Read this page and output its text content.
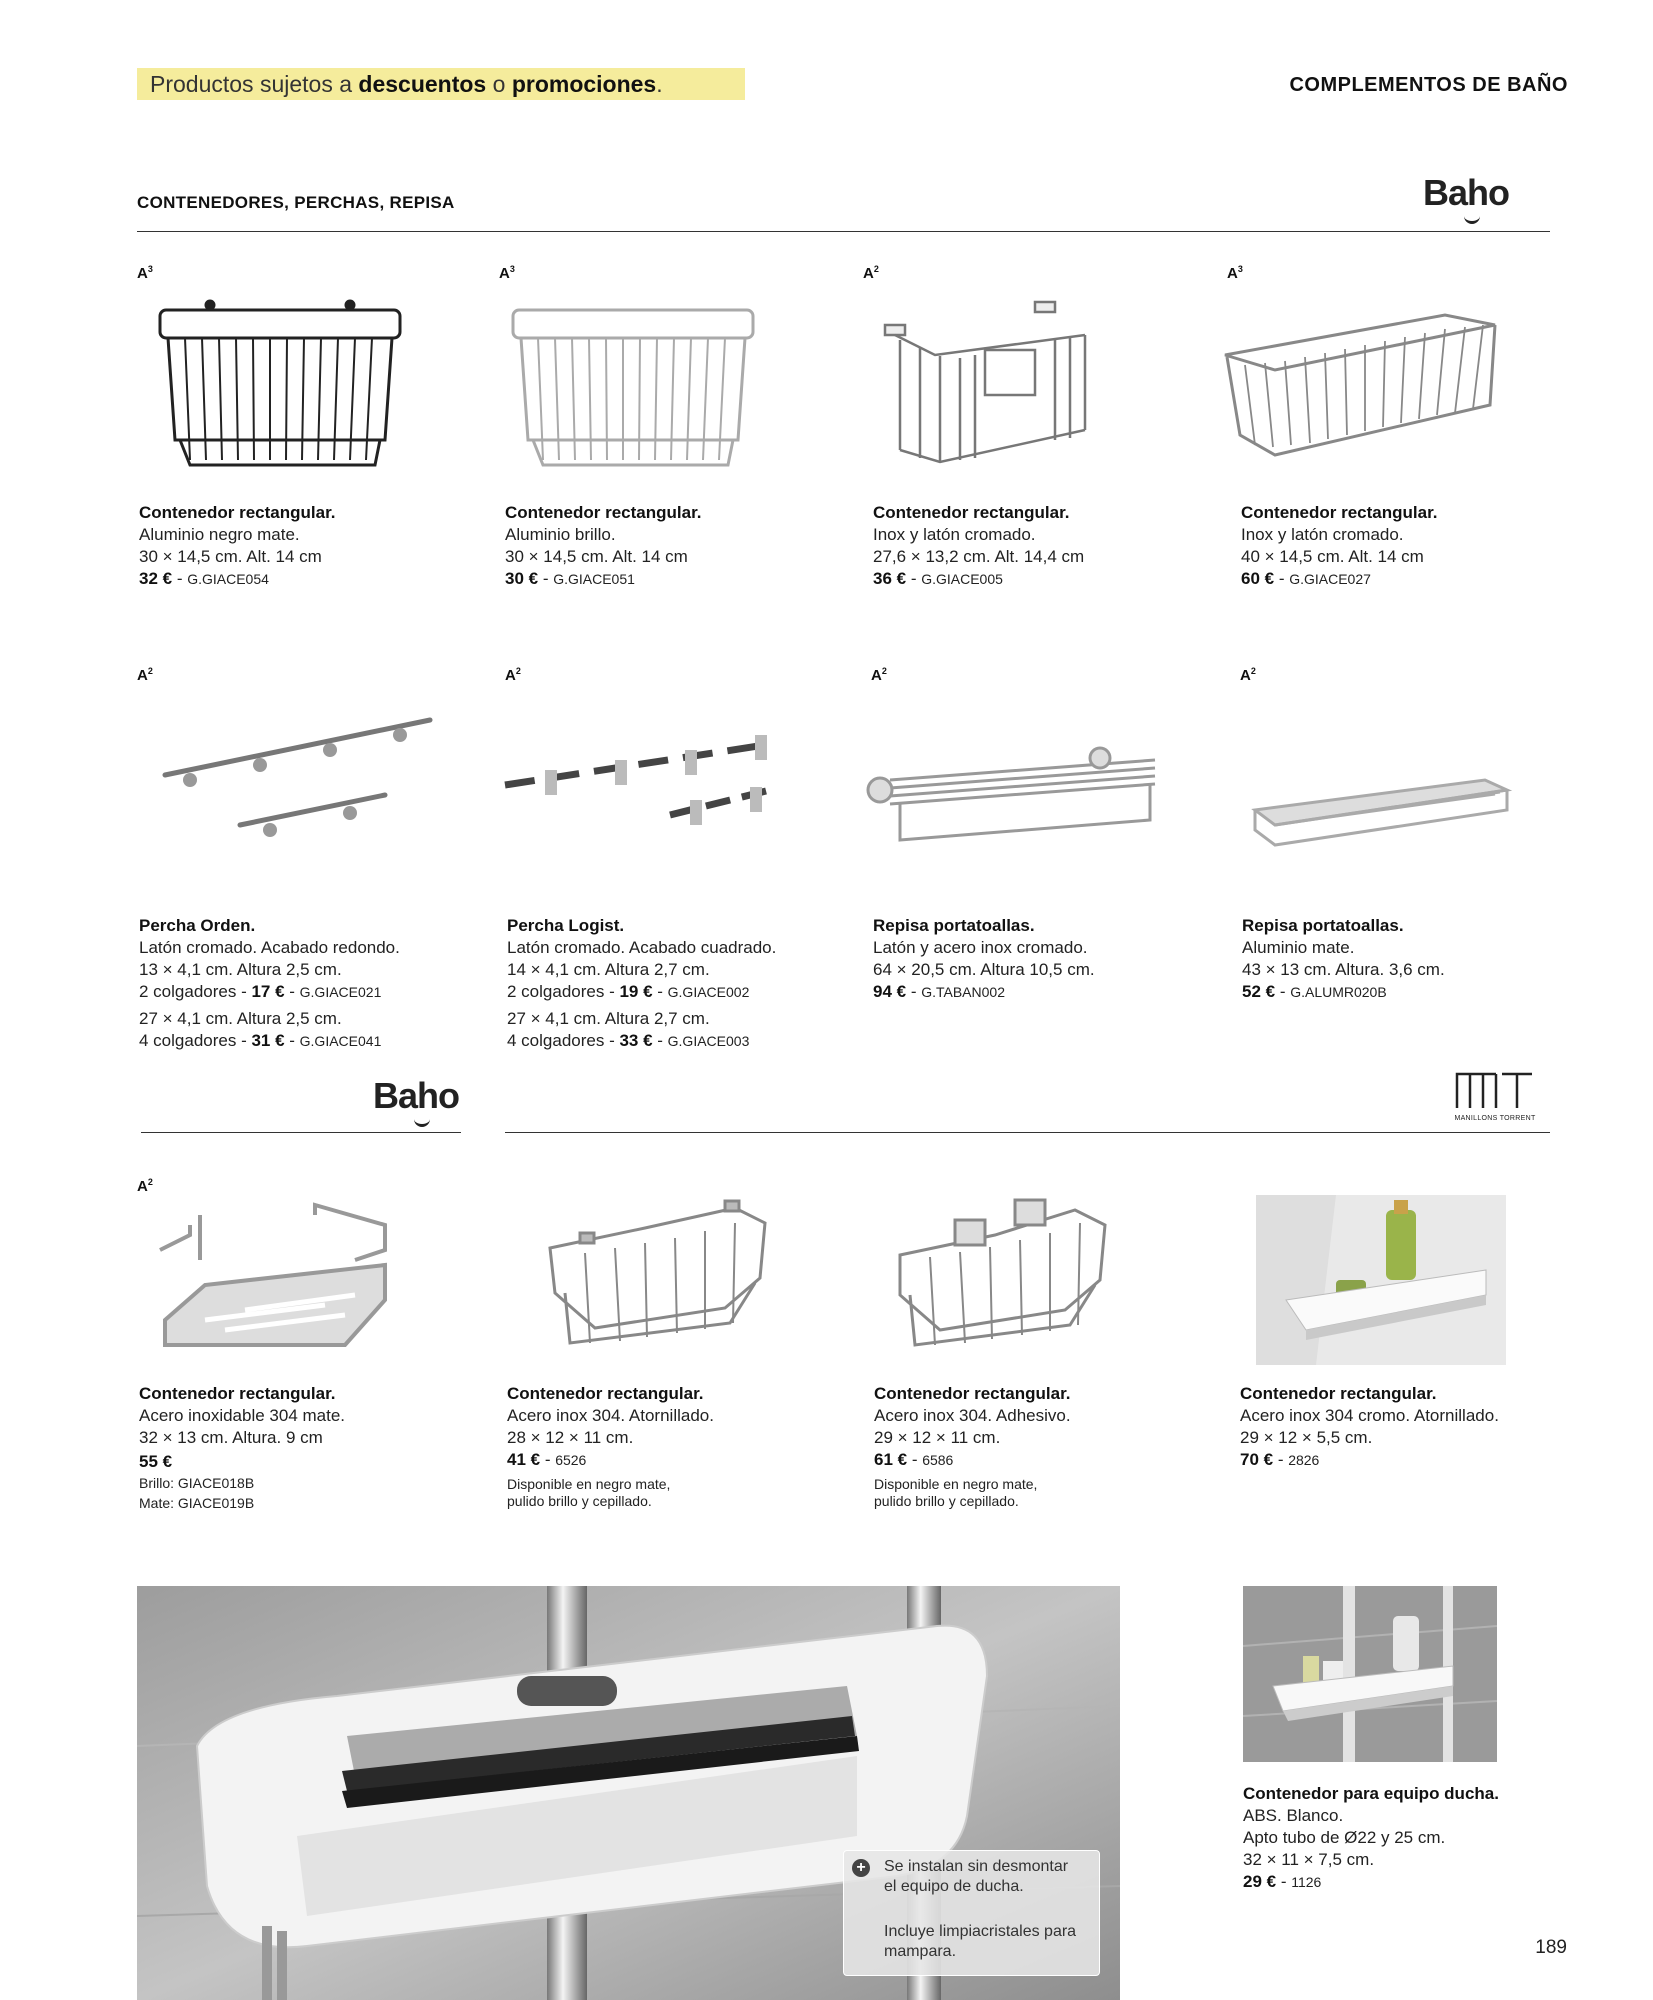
Productos sujetos a descuentos o promociones.	COMPLEMENTOS DE BAÑO
CONTENEDORES, PERCHAS, REPISA	Baho
$A^3$	$A^3$	$A^2$	$A^3$
Contenedor rectangular.
Aluminio negro mate.
30 × 14,5 cm. Alt. 14 cm
32 € - G.GIACE054
Contenedor rectangular.
Aluminio brillo.
30 × 14,5 cm. Alt. 14 cm
30 € - G.GIACE051
Contenedor rectangular.
Inox y latón cromado.
27,6 × 13,2 cm. Alt. 14,4 cm
36 € - G.GIACE005
Contenedor rectangular.
Inox y latón cromado.
40 × 14,5 cm. Alt. 14 cm
60 € - G.GIACE027
$A^2$	$A^2$	$A^2$	$A^2$
Percha Orden.
Latón cromado. Acabado redondo.
13 × 4,1 cm. Altura 2,5 cm.
2 colgadores - 17 € - G.GIACE021
27 × 4,1 cm. Altura 2,5 cm.
4 colgadores - 31 € - G.GIACE041
Percha Logist.
Latón cromado. Acabado cuadrado.
14 × 4,1 cm. Altura 2,7 cm.
2 colgadores - 19 € - G.GIACE002
27 × 4,1 cm. Altura 2,7 cm.
4 colgadores - 33 € - G.GIACE003
Repisa portatoallas.
Latón y acero inox cromado.
64 × 20,5 cm. Altura 10,5 cm.
94 € - G.TABAN002
Repisa portatoallas.
Aluminio mate.
43 × 13 cm. Altura. 3,6 cm.
52 € - G.ALUMR020B
Baho
MANILLONS TORRENT
$A^2$
Contenedor rectangular.
Acero inoxidable 304 mate.
32 × 13 cm. Altura. 9 cm
55 €
Brillo: GIACE018B
Mate: GIACE019B
Contenedor rectangular.
Acero inox 304. Atornillado.
28 × 12 × 11 cm.
41 € - 6526
Disponible en negro mate,
pulido brillo y cepillado.
Contenedor rectangular.
Acero inox 304. Adhesivo.
29 × 12 × 11 cm.
61 € - 6586
Disponible en negro mate,
pulido brillo y cepillado.
Contenedor rectangular.
Acero inox 304 cromo. Atornillado.
29 × 12 × 5,5 cm.
70 € - 2826
+ Se instalan sin desmontar
el equipo de ducha.
Incluye limpiacristales para
mampara.
Contenedor para equipo ducha.
ABS. Blanco.
Apto tubo de Ø22 y 25 cm.
32 × 11 × 7,5 cm.
29 € - 1126
189
